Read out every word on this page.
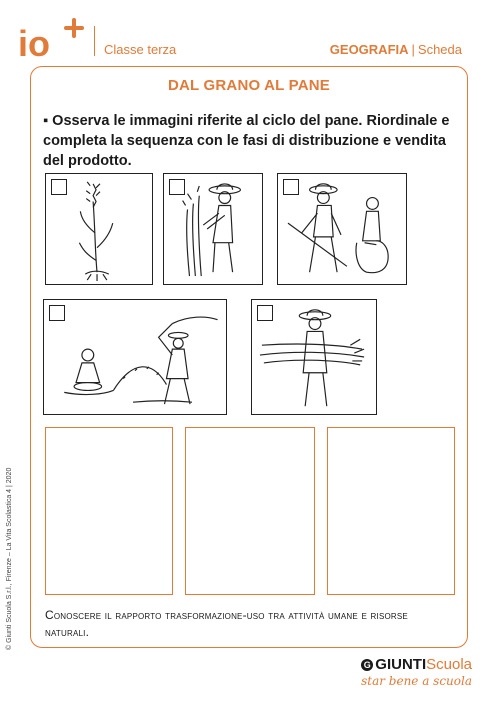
io	Classe terza	GEOGRAFIA | Scheda
DAL GRANO AL PANE
▪ Osserva le immagini riferite al ciclo del pane. Riordinale e completa la sequenza con le fasi di distribuzione e vendita del prodotto.
Conoscere il rapporto trasformazione-uso tra attività umane e risorse naturali.
© Giunti Scuola S.r.l., Firenze – La Vita Scolastica 4 | 2020
G GIUNTIScuola
star bene a scuola
